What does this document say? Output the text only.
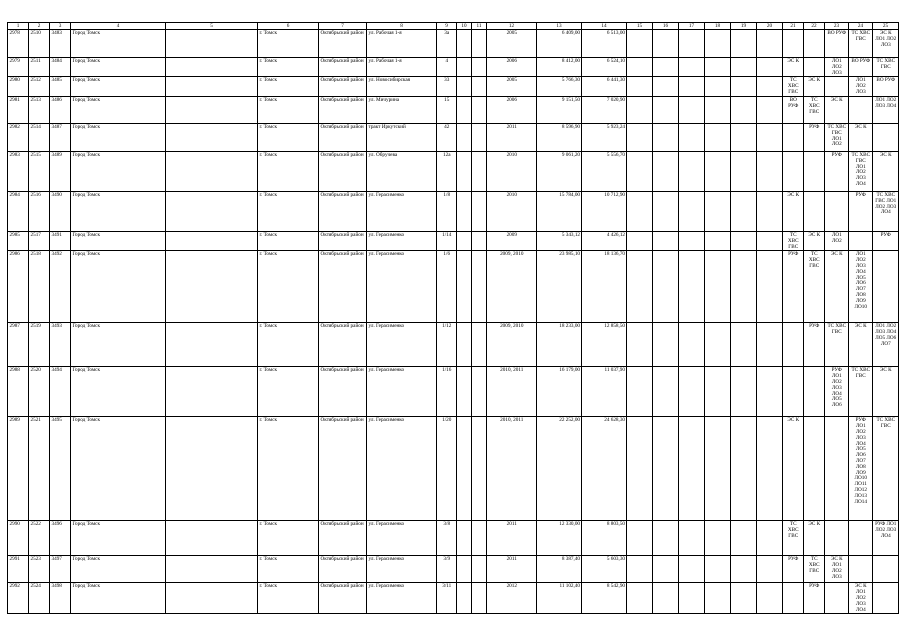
1	2	3	4	5	6	7	8	9	10	11	12	13	14	15	16	17	18	19	20	21	22	23	24	25
2978	2510	3483	Город Томск		г. Томск	Октябрьский район	ул. Рабочая 1-я	3а			2005	6 409,00	6 513,00									ВО РУФ	ТС ХВС ГВС	ЭС К ЛО1 ЛО2 ЛО3
2979	2511	3484	Город Томск		г. Томск	Октябрьский район	ул. Рабочая 1-я	4			2006	8 412,00	6 524,10							ЭС К		ЛО1 ЛО2 ЛО3	ВО РУФ	ТС ХВС ГВС
2980	2512	3485	Город Томск		г. Томск	Октябрьский район	ул. Новосибирская	33			2005	5 766,30	6 441,30							ТС ХВС ГВС	ЭС К		ЛО1 ЛО2 ЛО3	ВО РУФ
2981	2513	3486	Город Томск		г. Томск	Октябрьский район	ул. Мичурина	15			2006	9 151,50	7 020,90							ВО РУФ	ТС ХВС ГВС	ЭС К		ЛО1 ЛО2 ЛО3 ЛО4
2982	2514	3487	Город Томск		г. Томск	Октябрьский район	тракт Иркутский	42			2011	8 596,90	5 923,24								РУФ	ТС ХВС ГВС ЛО1 ЛО2	ЭС К	
2983	2515	3489	Город Томск		г. Томск	Октябрьский район	ул. Обручева	12а			2010	9 061,20	5 556,70									РУФ	ТС ХВС ГВС ЛО1 ЛО2 ЛО3 ЛО4	ЭС К
2984	2516	3490	Город Томск		г. Томск	Октябрьский район	ул. Герасименко	1/8			2010	15 784,00	10 712,90							ЭС К			РУФ	ТС ХВС ГВС ЛО1 ЛО2 ЛО3 ЛО4
2985	2517	3491	Город Томск		г. Томск	Октябрьский район	ул. Герасименко	1/14			2009	5 343,12	4 426,12							ТС ХВС ГВС	ЭС К	ЛО1 ЛО2		РУФ
2986	2518	3492	Город Томск		г. Томск	Октябрьский район	ул. Герасименко	1/6			2009, 2010	23 985,10	18 136,70							РУФ	ТС ХВС ГВС	ЭС К	ЛО1 ЛО2 ЛО3 ЛО4 ЛО5 ЛО6 ЛО7 ЛО8 ЛО9 ЛО10	
2987	2519	3493	Город Томск		г. Томск	Октябрьский район	ул. Герасименко	1/12			2009, 2010	18 233,00	12 858,50								РУФ	ТС ХВС ГВС	ЭС К	ЛО1 ЛО2 ЛО3 ЛО4 ЛО5 ЛО6 ЛО7
2988	2520	3494	Город Томск		г. Томск	Октябрьский район	ул. Герасименко	1/16			2010, 2011	16 179,00	11 037,90									РУФ ЛО1 ЛО2 ЛО3 ЛО4 ЛО5 ЛО6	ТС ХВС ГВС	ЭС К
2989	2521	3495	Город Томск		г. Томск	Октябрьский район	ул. Герасименко	1/20			2010, 2011	22 252,00	24 628,30							ЭС К			РУФ ЛО1 ЛО2 ЛО3 ЛО4 ЛО5 ЛО6 ЛО7 ЛО8 ЛО9 ЛО10 ЛО11 ЛО12 ЛО13 ЛО14	ТС ХВС ГВС
2990	2522	3496	Город Томск		г. Томск	Октябрьский район	ул. Герасименко	3/8			2011	12 330,00	8 803,50							ТС ХВС ГВС	ЭС К			РУФ ЛО1 ЛО2 ЛО3 ЛО4
2991	2523	3497	Город Томск		г. Томск	Октябрьский район	ул. Герасименко	3/9			2011	8 387,40	5 603,30							РУФ	ТС ХВС ГВС	ЭС К ЛО1 ЛО2 ЛО3		
2992	2524	3498	Город Томск		г. Томск	Октябрьский район	ул. Герасименко	3/11			2012	11 102,40	8 542,90								РУФ		ЭС К ЛО1 ЛО2 ЛО3 ЛО4	
